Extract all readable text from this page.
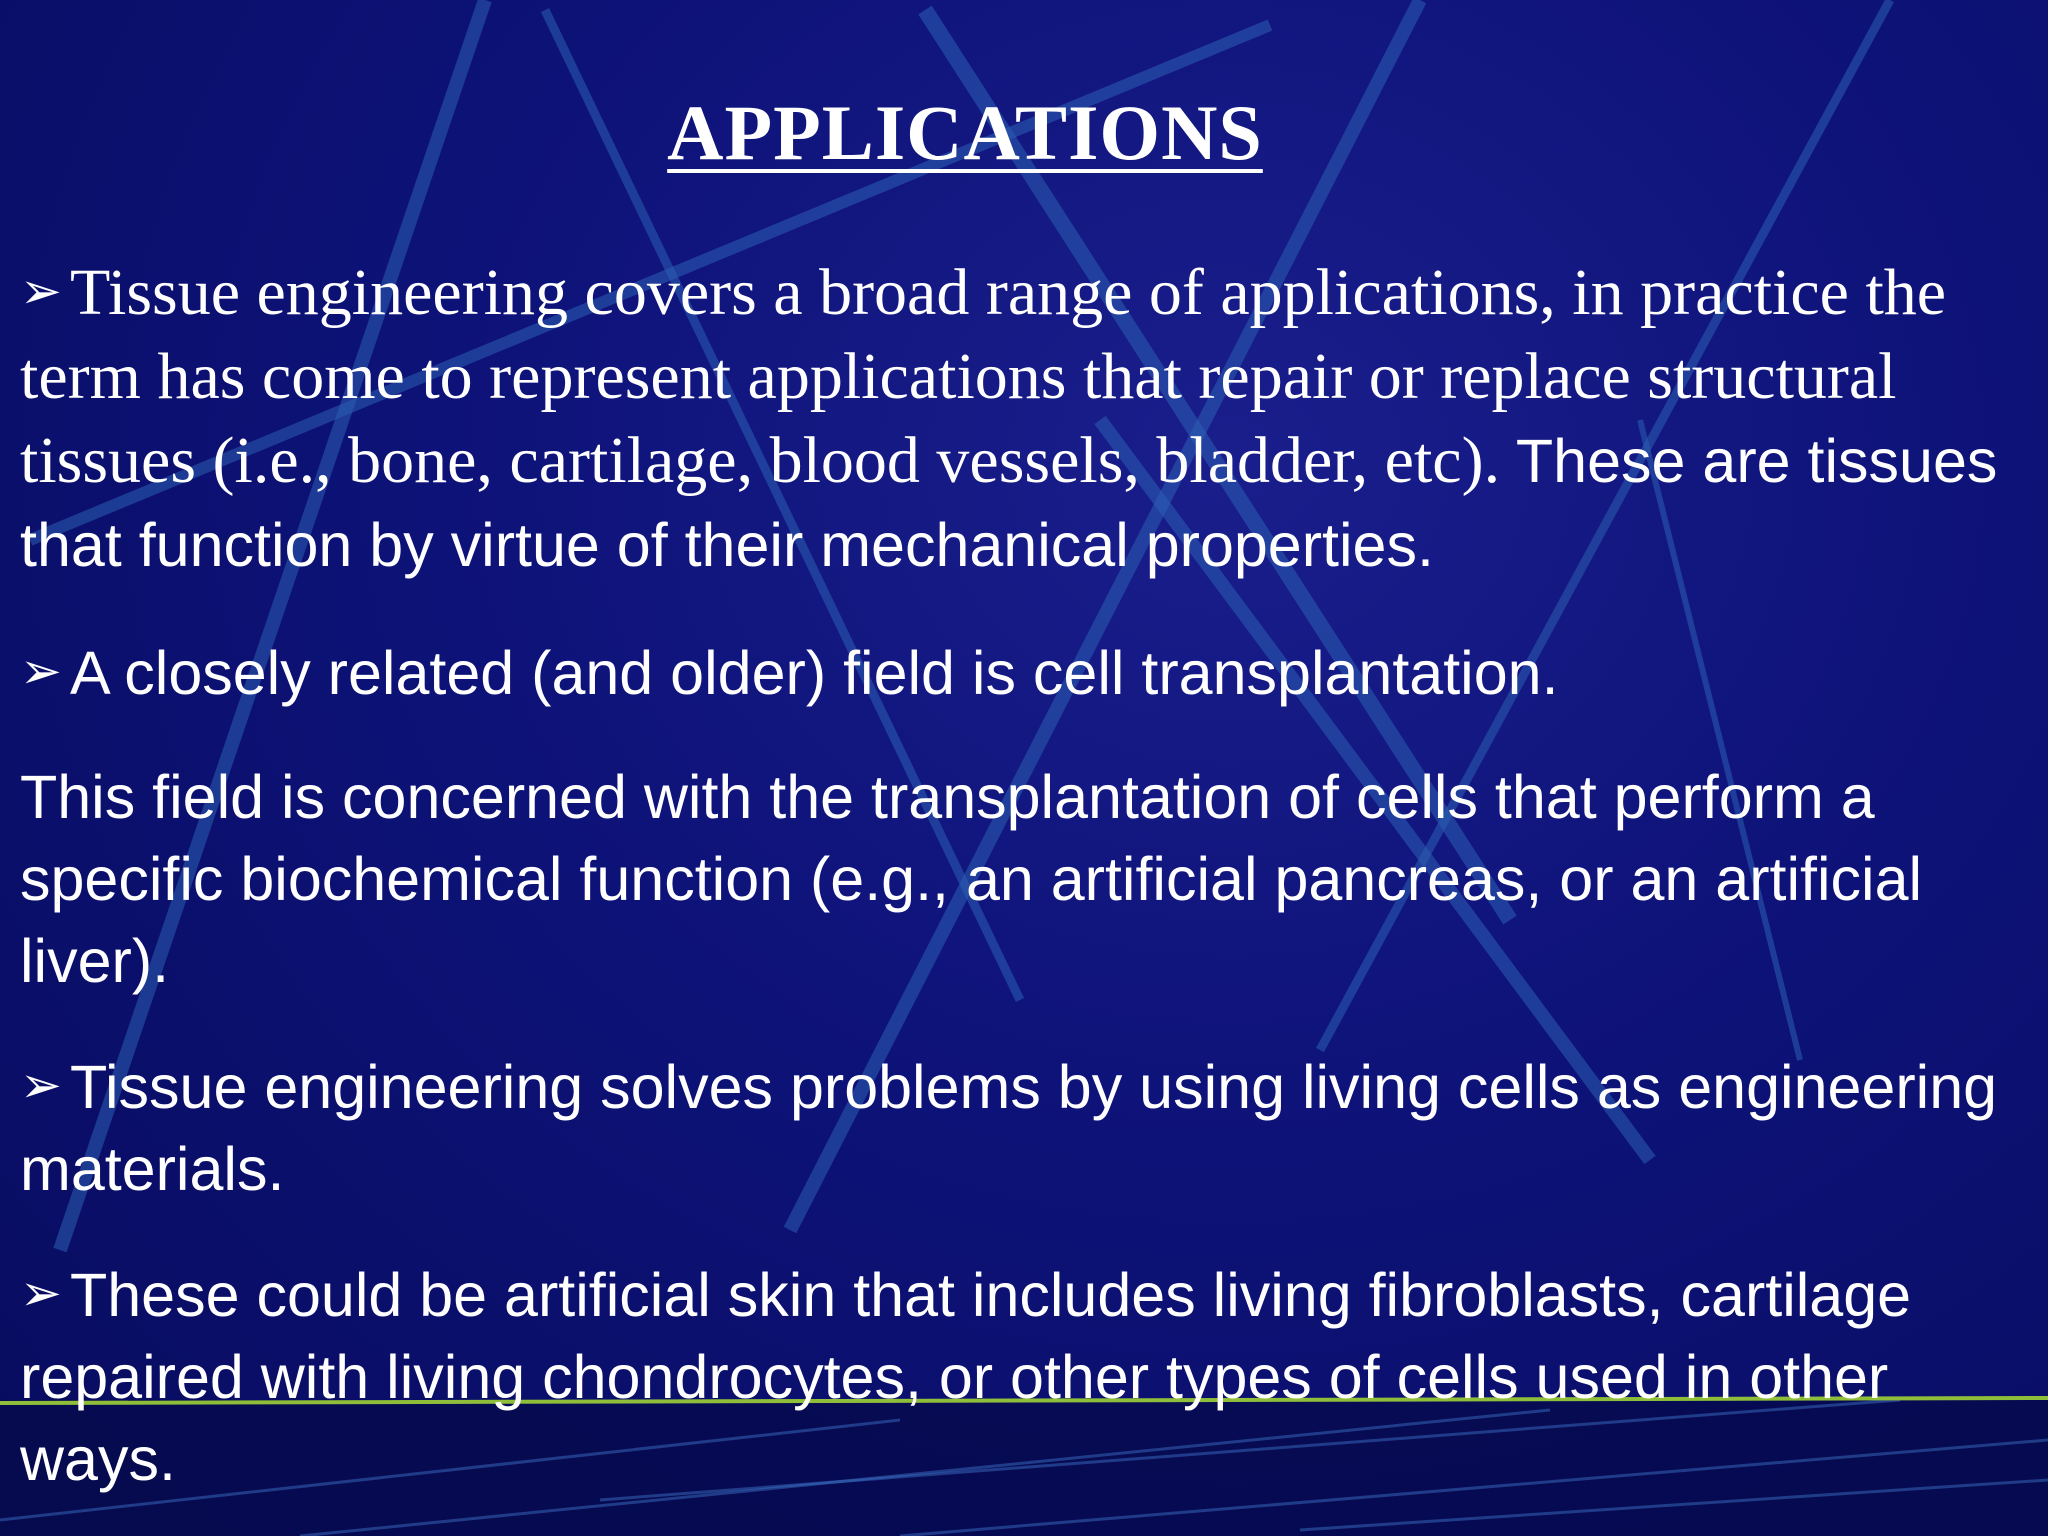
APPLICATIONS

➢ Tissue engineering covers a broad range of applications, in practice the term has come to represent applications that repair or replace structural tissues (i.e., bone, cartilage, blood vessels, bladder, etc). These are tissues that function by virtue of their mechanical properties.

➢ A closely related (and older) field is cell transplantation.

This field is concerned with the transplantation of cells that perform a specific biochemical function (e.g., an artificial pancreas, or an artificial liver).

➢ Tissue engineering solves problems by using living cells as engineering materials.

➢ These could be artificial skin that includes living fibroblasts, cartilage repaired with living chondrocytes, or other types of cells used in other ways.
